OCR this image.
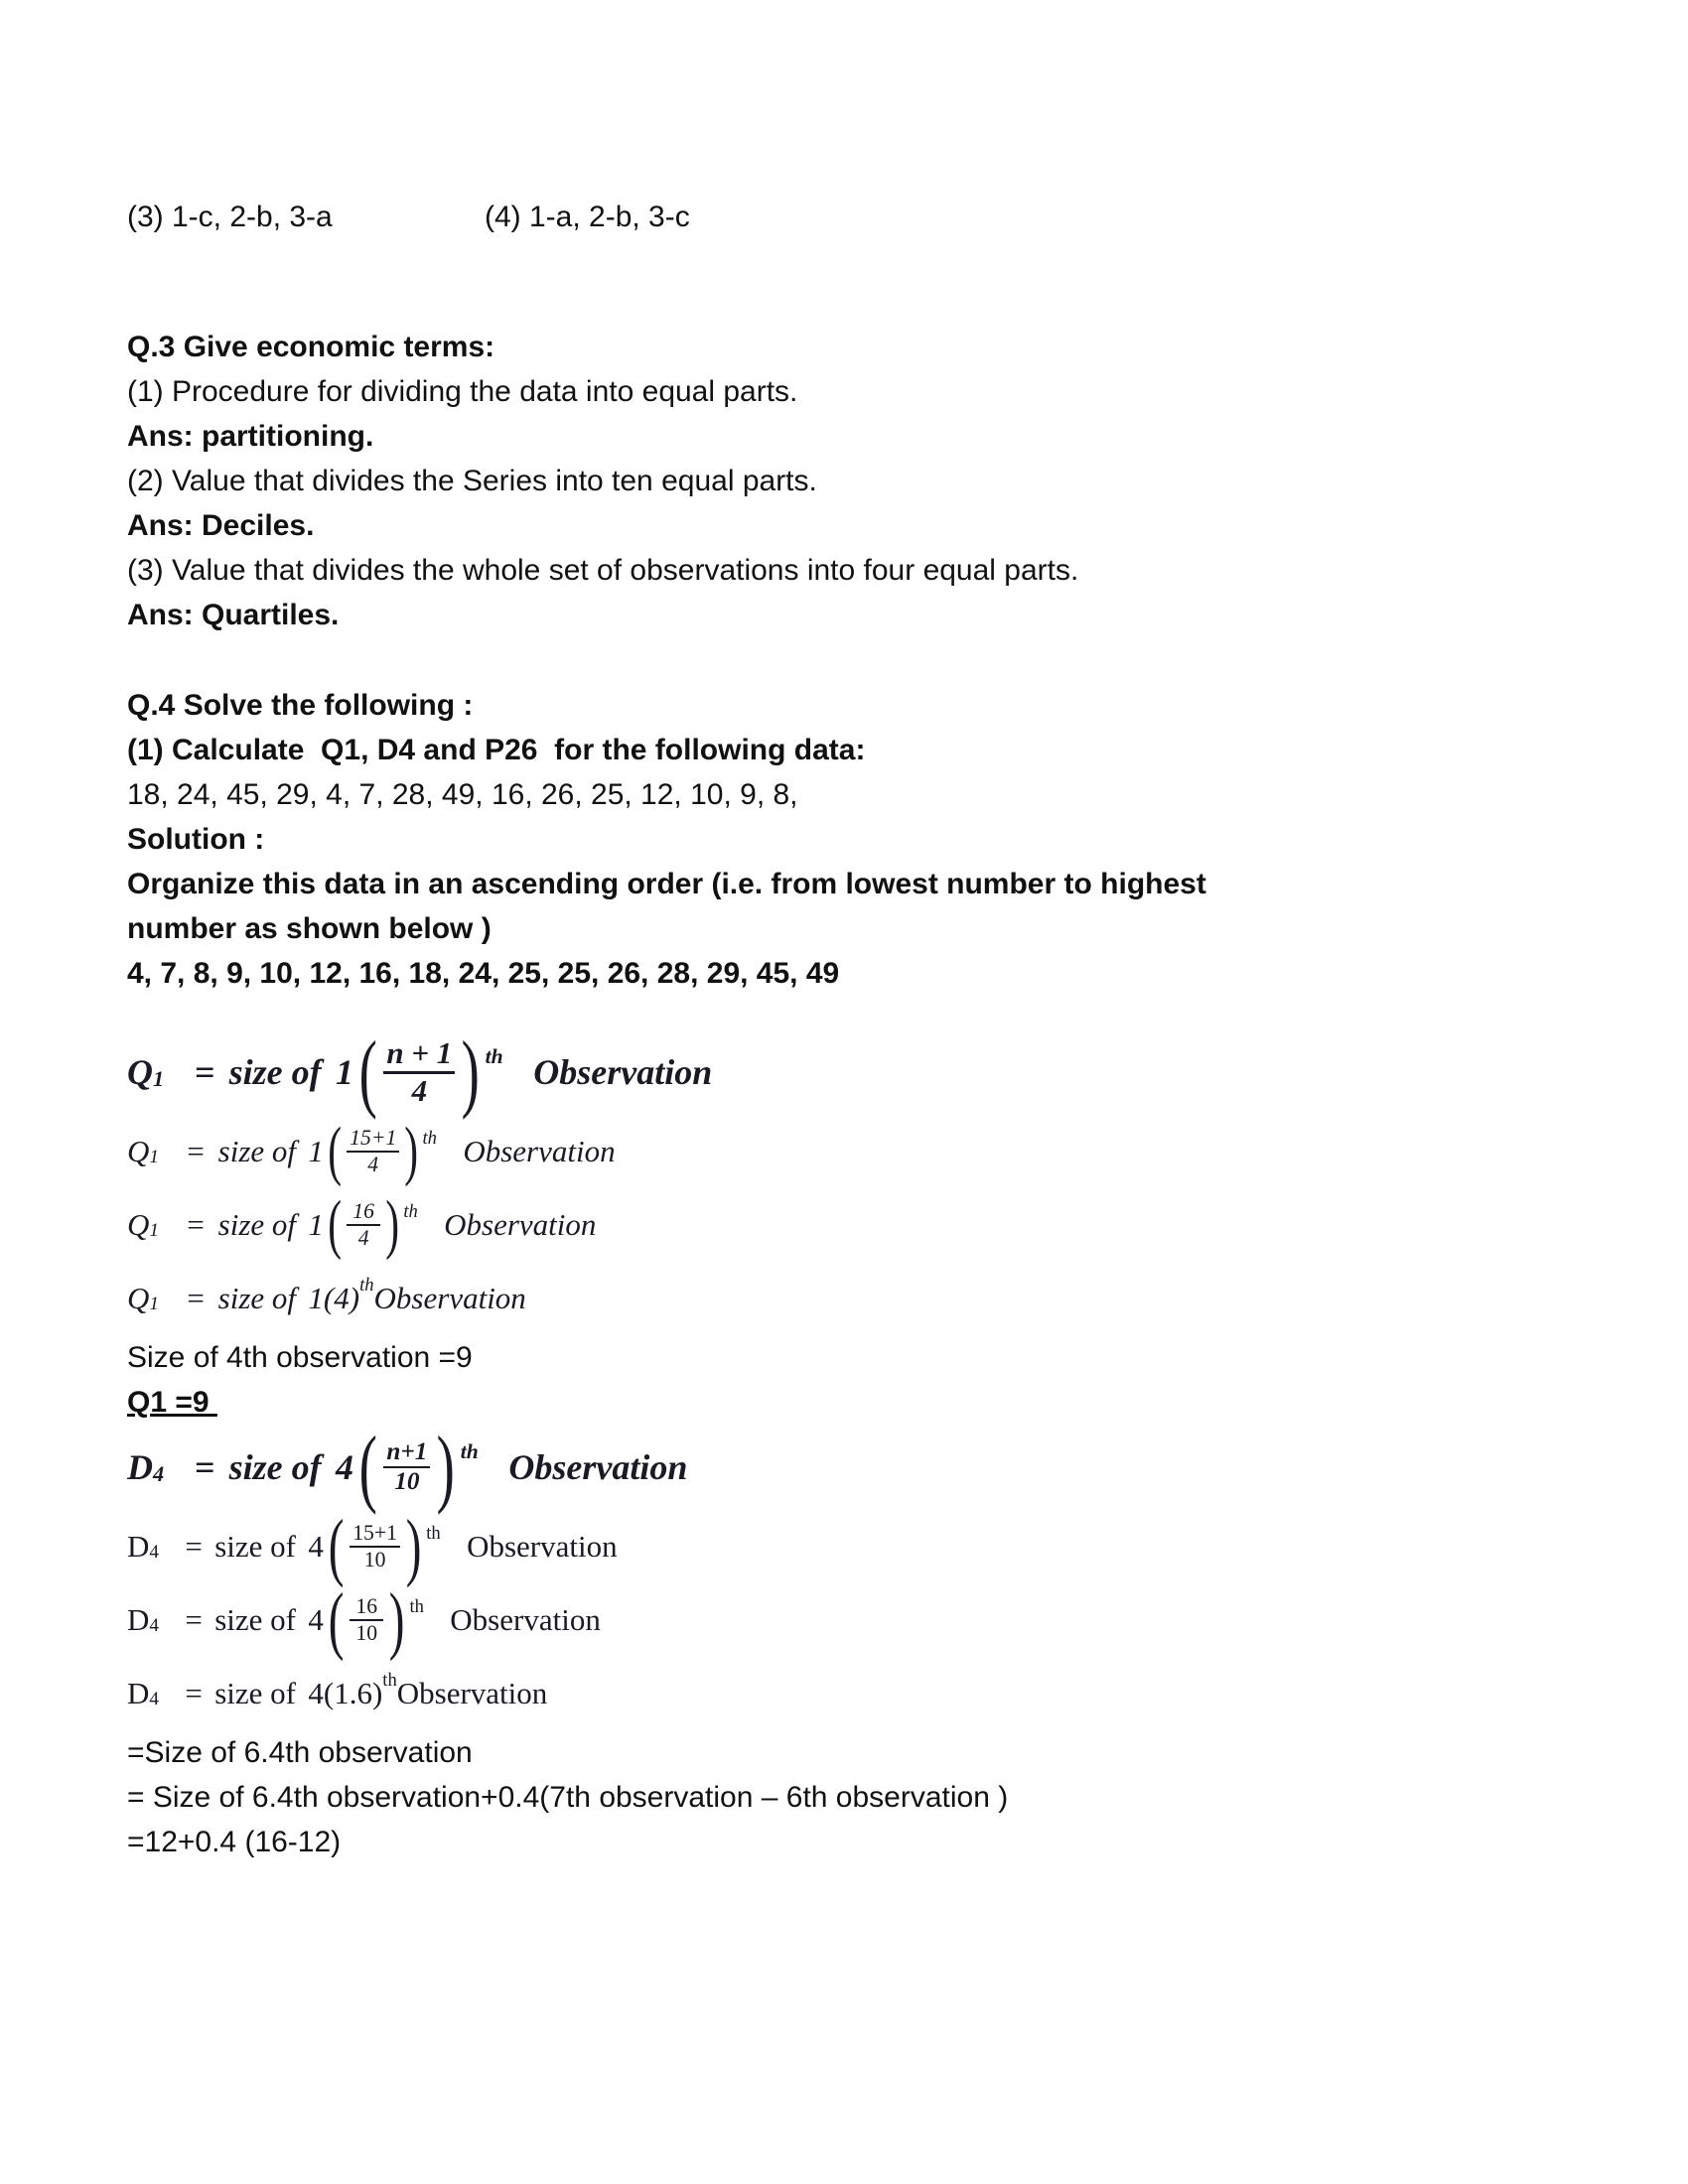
(3) 1-c, 2-b, 3-a	(4) 1-a, 2-b, 3-c
Q.3 Give economic terms:
(1) Procedure for dividing the data into equal parts.
Ans: partitioning.
(2) Value that divides the Series into ten equal parts.
Ans: Deciles.
(3) Value that divides the whole set of observations into four equal parts.
Ans: Quartiles.
Q.4 Solve the following :
(1) Calculate  Q1, D4 and P26  for the following data:
18, 24, 45, 29, 4, 7, 28, 49, 16, 26, 25, 12, 10, 9, 8,
Solution :
Organize this data in an ascending order (i.e. from lowest number to highest
number as shown below )
4, 7, 8, 9, 10, 12, 16, 18, 24, 25, 25, 26, 28, 29, 45, 49
Q 1 = size of 1 ( $\frac{n + 1}{4}$ ) th Observation
Q 1 = size of 1 ( $\frac{15+1}{4}$ ) th Observation
Q 1 = size of 1 ( $\frac{16}{4}$ ) th Observation
Q 1 = size of 1(4) th Observation
Size of 4th observation =9
Q1 =9
D 4 = size of 4 ( $\frac{n+1}{10}$ ) th Observation
D 4 = size of 4 ( $\frac{15+1}{10}$ ) th Observation
D 4 = size of 4 ( $\frac{16}{10}$ ) th Observation
D 4 = size of 4(1.6) th Observation
=Size of 6.4th observation
= Size of 6.4th observation+0.4(7th observation – 6th observation )
=12+0.4 (16-12)
